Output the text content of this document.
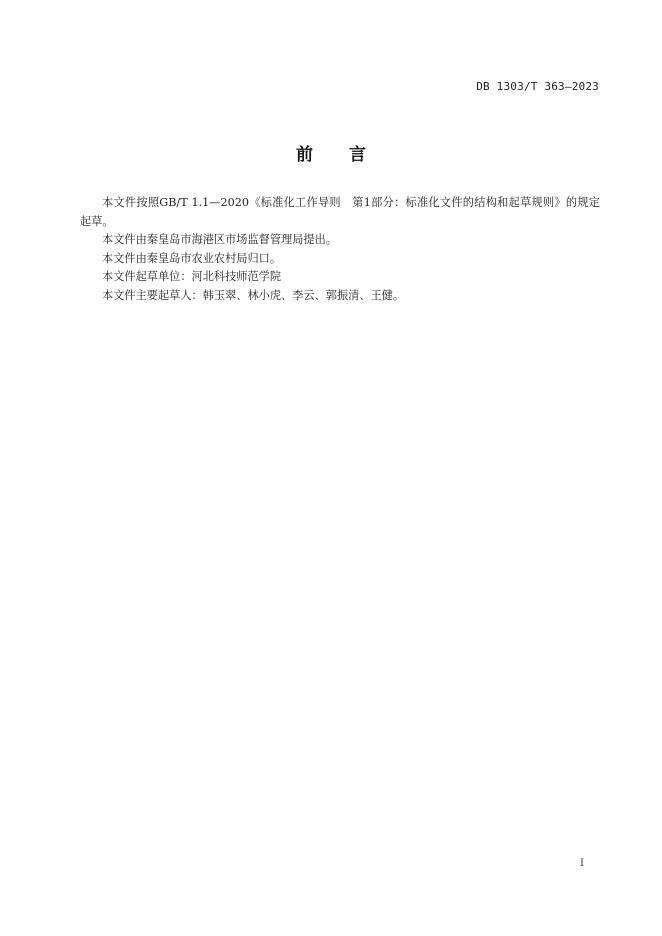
DB 1303/T 363—2023
前 言

本文件按照GB/T 1.1—2020《标准化工作导则　第1部分：标准化文件的结构和起草规则》的规定起草。

本文件由秦皇岛市海港区市场监督管理局提出。

本文件由秦皇岛市农业农村局归口。

本文件起草单位：河北科技师范学院

本文件主要起草人：韩玉翠、林小虎、李云、郭振清、王健。

I
